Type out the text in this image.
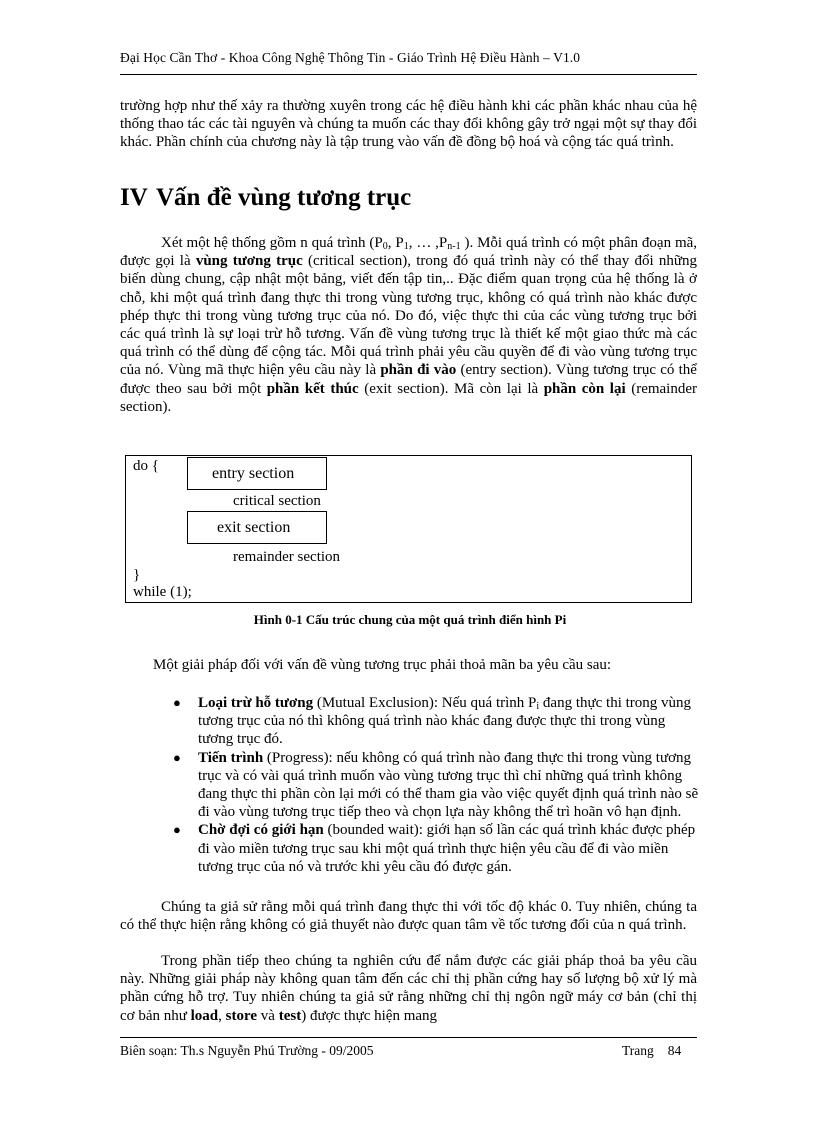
Đại Học Cần Thơ - Khoa Công Nghệ Thông Tin - Giáo Trình Hệ Điều Hành – V1.0
trường hợp như thế xảy ra thường xuyên trong các hệ điều hành khi các phần khác nhau của hệ thống thao tác các tài nguyên và chúng ta muốn các thay đổi không gây trở ngại một sự thay đổi khác. Phần chính của chương này là tập trung vào vấn đề đồng bộ hoá và cộng tác quá trình.
IV Vấn đề vùng tương trục
Xét một hệ thống gồm n quá trình ($P_0$, $P_1$, … $,P_{n-1}$ ). Mỗi quá trình có một phân đoạn mã, được gọi là vùng tương trục (critical section), trong đó quá trình này có thể thay đổi những biến dùng chung, cập nhật một bảng, viết đến tập tin,.. Đặc điểm quan trọng của hệ thống là ở chỗ, khi một quá trình đang thực thi trong vùng tương trục, không có quá trình nào khác được phép thực thi trong vùng tương trục của nó. Do đó, việc thực thi của các vùng tương trục bởi các quá trình là sự loại trừ hỗ tương. Vấn đề vùng tương trục là thiết kế một giao thức mà các quá trình có thể dùng để cộng tác. Mỗi quá trình phải yêu cầu quyền để đi vào vùng tương trục của nó. Vùng mã thực hiện yêu cầu này là phần đi vào (entry section). Vùng tương trục có thể được theo sau bởi một phần kết thúc (exit section). Mã còn lại là phần còn lại (remainder section).
do {	entry section
critical section
exit section
remainder section
}
while (1);
Hình 0-1 Cấu trúc chung của một quá trình điển hình Pi
Một giải pháp đối với vấn đề vùng tương trục phải thoả mãn ba yêu cầu sau:
● Loại trừ hỗ tương (Mutual Exclusion): Nếu quá trình $P_i$ đang thực thi trong vùng tương trục của nó thì không quá trình nào khác đang được thực thi trong vùng tương trục đó.
● Tiến trình (Progress): nếu không có quá trình nào đang thực thi trong vùng tương trục và có vài quá trình muốn vào vùng tương trục thì chỉ những quá trình không đang thực thi phần còn lại mới có thể tham gia vào việc quyết định quá trình nào sẽ đi vào vùng tương trục tiếp theo và chọn lựa này không thể trì hoãn vô hạn định.
● Chờ đợi có giới hạn (bounded wait): giới hạn số lần các quá trình khác được phép đi vào miền tương trục sau khi một quá trình thực hiện yêu cầu để đi vào miền tương trục của nó và trước khi yêu cầu đó được gán.
Chúng ta giả sử rằng mỗi quá trình đang thực thi với tốc độ khác 0. Tuy nhiên, chúng ta có thể thực hiện rằng không có giả thuyết nào được quan tâm về tốc tương đối của n quá trình.
Trong phần tiếp theo chúng ta nghiên cứu để nắm được các giải pháp thoả ba yêu cầu này. Những giải pháp này không quan tâm đến các chỉ thị phần cứng hay số lượng bộ xử lý mà phần cứng hỗ trợ. Tuy nhiên chúng ta giả sử rằng những chỉ thị ngôn ngữ máy cơ bản (chỉ thị cơ bản như load, store và test) được thực hiện mang
Biên soạn: Th.s Nguyễn Phú Trường - 09/2005	Trang 84
